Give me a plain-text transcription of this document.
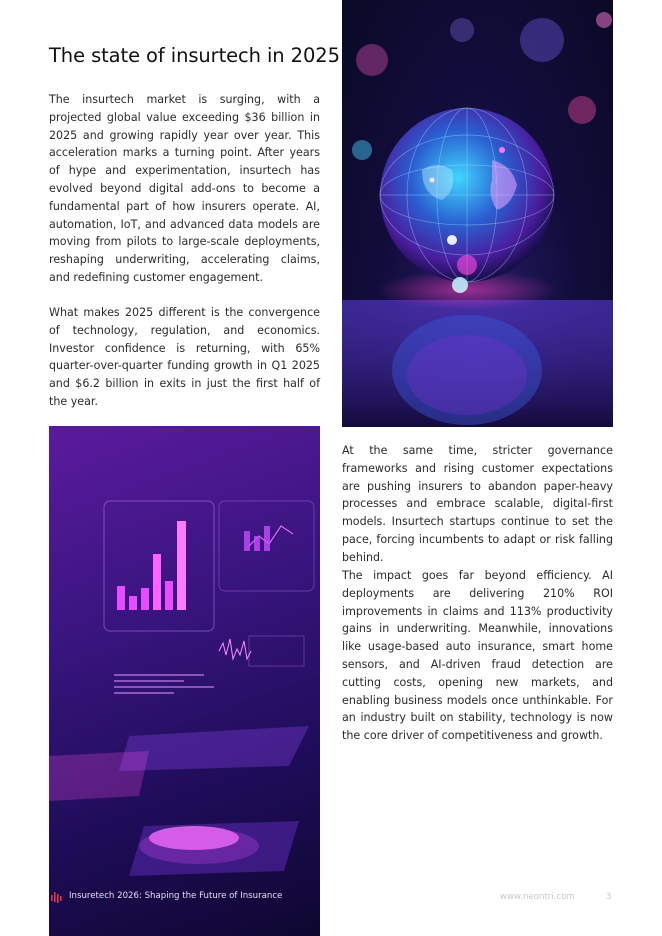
The state of insurtech in 2025

The insurtech market is surging, with a projected global value exceeding $36 billion in 2025 and growing rapidly year over year. This acceleration marks a turning point. After years of hype and experimentation, insurtech has evolved beyond digital add-ons to become a fundamental part of how insurers operate. AI, automation, IoT, and advanced data models are moving from pilots to large-scale deployments, reshaping underwriting, accelerating claims, and redefining customer engagement.

What makes 2025 different is the convergence of technology, regulation, and economics. Investor confidence is returning, with 65% quarter-over-quarter funding growth in Q1 2025 and $6.2 billion in exits in just the first half of the year.

At the same time, stricter governance frameworks and rising customer expectations are pushing insurers to abandon paper-heavy processes and embrace scalable, digital-first models. Insurtech startups continue to set the pace, forcing incumbents to adapt or risk falling behind.

The impact goes far beyond efficiency. AI deployments are delivering 210% ROI improvements in claims and 113% productivity gains in underwriting. Meanwhile, innovations like usage-based auto insurance, smart home sensors, and AI-driven fraud detection are cutting costs, opening new markets, and enabling business models once unthinkable. For an industry built on stability, technology is now the core driver of competitiveness and growth.

Insuretech 2026: Shaping the Future of Insurance	www.neontri.com	3
